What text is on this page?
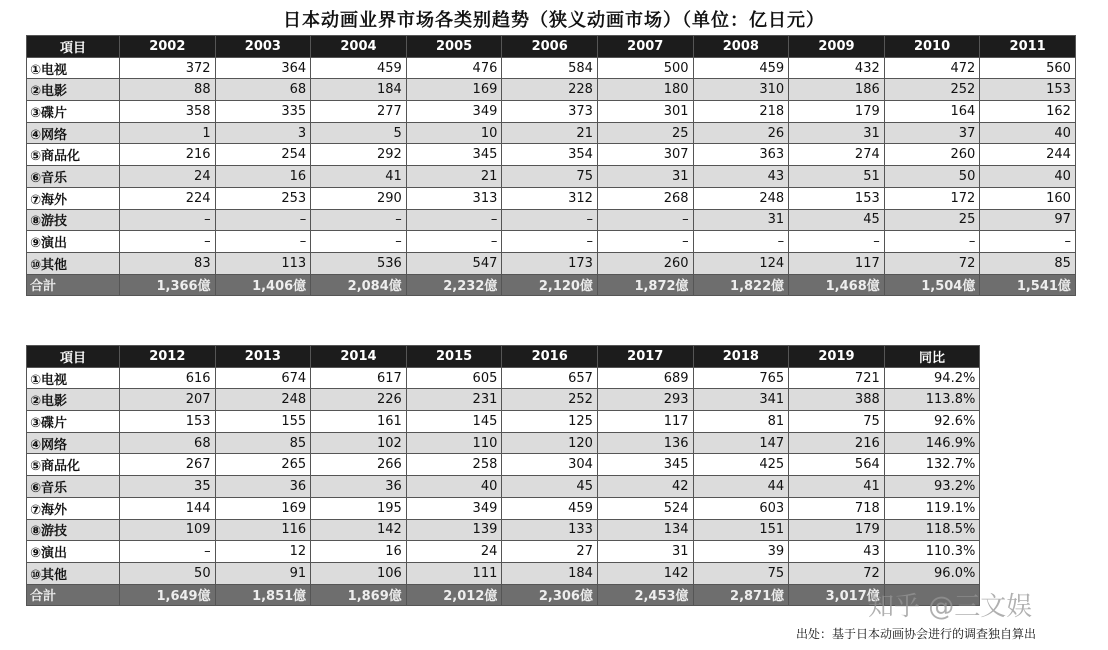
日本动画业界市场各类别趋势（狭义动画市场）（单位：亿日元）
項目	2002	2003	2004	2005	2006	2007	2008	2009	2010	2011
①电视	372	364	459	476	584	500	459	432	472	560
②电影	88	68	184	169	228	180	310	186	252	153
③碟片	358	335	277	349	373	301	218	179	164	162
④网络	1	3	5	10	21	25	26	31	37	40
⑤商品化	216	254	292	345	354	307	363	274	260	244
⑥音乐	24	16	41	21	75	31	43	51	50	40
⑦海外	224	253	290	313	312	268	248	153	172	160
⑧游技	–	–	–	–	–	–	31	45	25	97
⑨演出	–	–	–	–	–	–	–	–	–	–
⑩其他	83	113	536	547	173	260	124	117	72	85
合計	1,366億	1,406億	2,084億	2,232億	2,120億	1,872億	1,822億	1,468億	1,504億	1,541億
項目	2012	2013	2014	2015	2016	2017	2018	2019	同比
①电视	616	674	617	605	657	689	765	721	94.2%
②电影	207	248	226	231	252	293	341	388	113.8%
③碟片	153	155	161	145	125	117	81	75	92.6%
④网络	68	85	102	110	120	136	147	216	146.9%
⑤商品化	267	265	266	258	304	345	425	564	132.7%
⑥音乐	35	36	36	40	45	42	44	41	93.2%
⑦海外	144	169	195	349	459	524	603	718	119.1%
⑧游技	109	116	142	139	133	134	151	179	118.5%
⑨演出	–	12	16	24	27	31	39	43	110.3%
⑩其他	50	91	106	111	184	142	75	72	96.0%
合計	1,649億	1,851億	1,869億	2,012億	2,306億	2,453億	2,871億	3,017億	
知乎 @三文娱
出处：基于日本动画协会进行的调查独自算出
